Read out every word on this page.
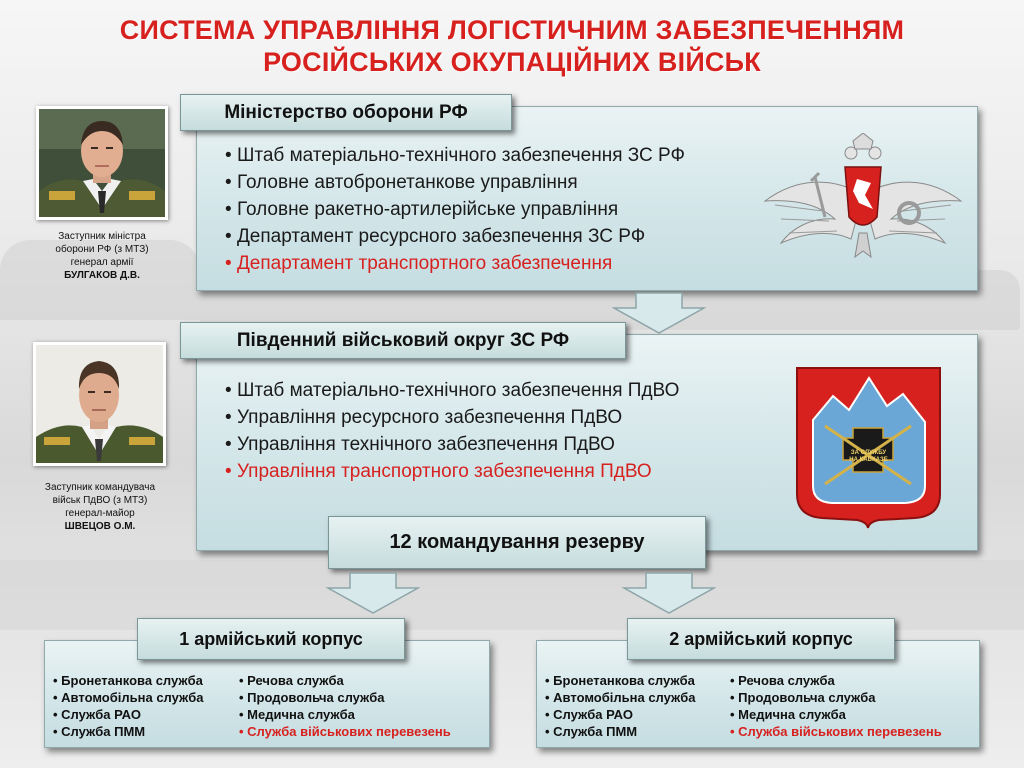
СИСТЕМА УПРАВЛІННЯ ЛОГІСТИЧНИМ ЗАБЕЗПЕЧЕННЯМ
РОСІЙСЬКИХ ОКУПАЦІЙНИХ ВІЙСЬК
Заступник міністра
оборони РФ (з МТЗ)
генерал армії
БУЛГАКОВ Д.В.
Заступник командувача
військ ПдВО (з МТЗ)
генерал-майор
ШВЕЦОВ О.М.
• Штаб матеріально-технічного забезпечення ЗС РФ
• Головне автобронетанкове управління
• Головне ракетно-артилерійське управління
• Департамент ресурсного забезпечення ЗС РФ
• Департамент транспортного забезпечення
Міністерство оборони РФ
• Штаб матеріально-технічного забезпечення ПдВО
• Управління ресурсного забезпечення ПдВО
• Управління технічного забезпечення ПдВО
• Управління транспортного забезпечення ПдВО
ЗА СЛУЖБУ
НА КАВКАЗЕ
Південний військовий округ ЗС РФ
12 командування резерву
• Бронетанкова служба
• Автомобільна служба
• Служба РАО
• Служба ПММ
• Речова служба
• Продовольча служба
• Медична служба
• Служба військових перевезень
1 армійський корпус
• Бронетанкова служба
• Автомобільна служба
• Служба РАО
• Служба ПММ
• Речова служба
• Продовольча служба
• Медична служба
• Служба військових перевезень
2 армійський корпус
